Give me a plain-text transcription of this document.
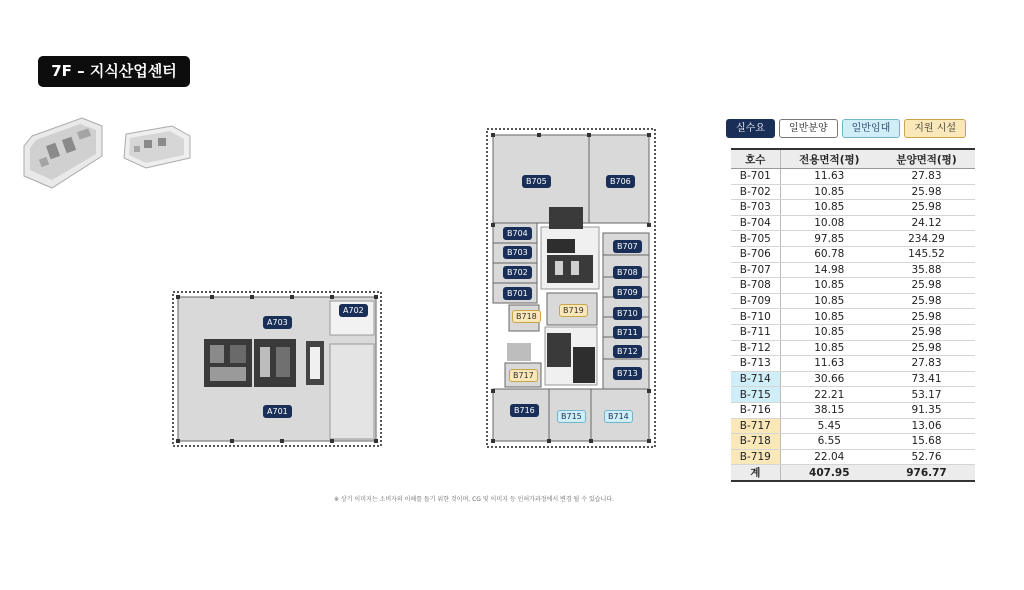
7F – 지식산업센터
A703
A702
A701
B705	B706
B704
B703
B702
B701
B707
B708
B709
B710
B711
B712
B713
B718
B719
B717
B716
B715	B714
실수요	일반분양	일반임대	지원 시설
호수	전용면적(평)	분양면적(평)
B-701	11.63	27.83
B-702	10.85	25.98
B-703	10.85	25.98
B-704	10.08	24.12
B-705	97.85	234.29
B-706	60.78	145.52
B-707	14.98	35.88
B-708	10.85	25.98
B-709	10.85	25.98
B-710	10.85	25.98
B-711	10.85	25.98
B-712	10.85	25.98
B-713	11.63	27.83
B-714	30.66	73.41
B-715	22.21	53.17
B-716	38.15	91.35
B-717	5.45	13.06
B-718	6.55	15.68
B-719	22.04	52.76
계	407.95	976.77
※ 상기 이미지는 소비자의 이해를 돕기 위한 것이며, CG 및 이미지 등 인허가과정에서 변경 될 수 있습니다.
